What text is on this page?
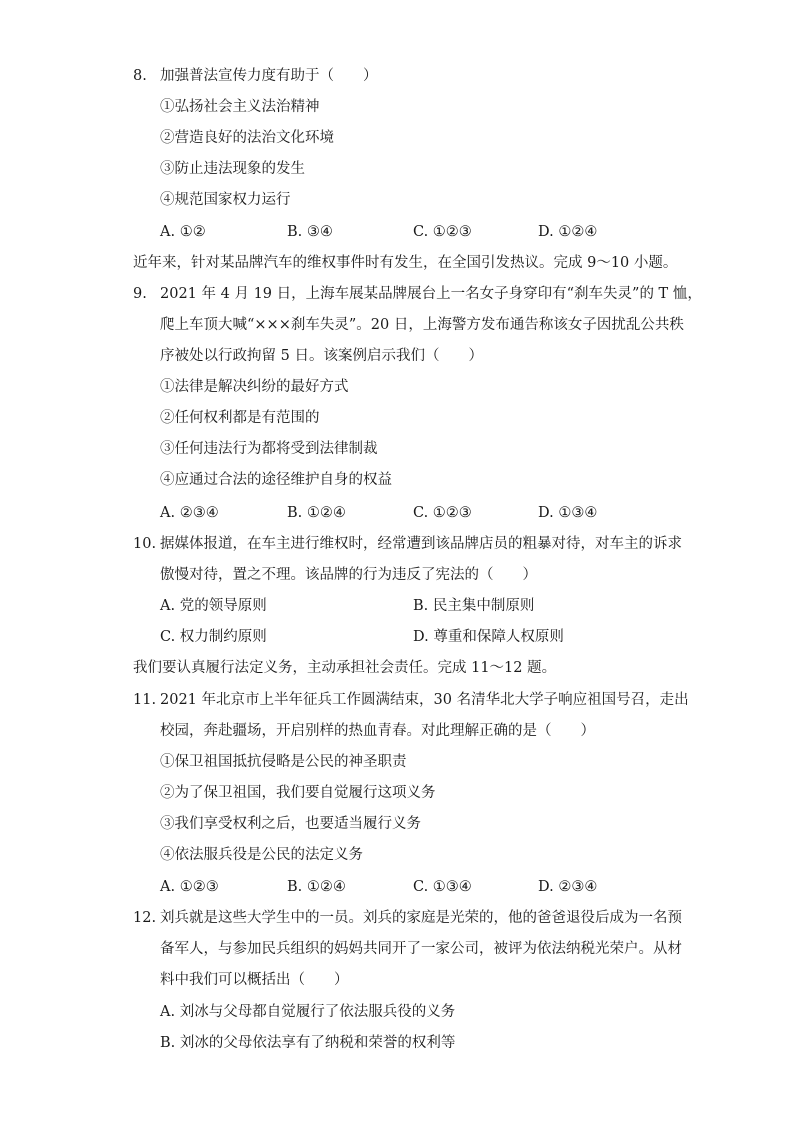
8. 加强普法宣传力度有助于（　　）
①弘扬社会主义法治精神
②营造良好的法治文化环境
③防止违法现象的发生
④规范国家权力运行
A. ①②	B. ③④	C. ①②③	D. ①②④
近年来，针对某品牌汽车的维权事件时有发生，在全国引发热议。完成 9～10 小题。
9. 2021 年 4 月 19 日，上海车展某品牌展台上一名女子身穿印有“刹车失灵”的 T 恤，
爬上车顶大喊“×××刹车失灵”。20 日，上海警方发布通告称该女子因扰乱公共秩
序被处以行政拘留 5 日。该案例启示我们（　　）
①法律是解决纠纷的最好方式
②任何权利都是有范围的
③任何违法行为都将受到法律制裁
④应通过合法的途径维护自身的权益
A. ②③④	B. ①②④	C. ①②③	D. ①③④
10. 据媒体报道，在车主进行维权时，经常遭到该品牌店员的粗暴对待，对车主的诉求
傲慢对待，置之不理。该品牌的行为违反了宪法的（　　）
A. 党的领导原则	B. 民主集中制原则
C. 权力制约原则	D. 尊重和保障人权原则
我们要认真履行法定义务，主动承担社会责任。完成 11～12 题。
11. 2021 年北京市上半年征兵工作圆满结束，30 名清华北大学子响应祖国号召，走出
校园，奔赴疆场，开启别样的热血青春。对此理解正确的是（　　）
①保卫祖国抵抗侵略是公民的神圣职责
②为了保卫祖国，我们要自觉履行这项义务
③我们享受权利之后，也要适当履行义务
④依法服兵役是公民的法定义务
A. ①②③	B. ①②④	C. ①③④	D. ②③④
12. 刘兵就是这些大学生中的一员。刘兵的家庭是光荣的，他的爸爸退役后成为一名预
备军人，与参加民兵组织的妈妈共同开了一家公司，被评为依法纳税光荣户。从材
料中我们可以概括出（　　）
A. 刘冰与父母都自觉履行了依法服兵役的义务
B. 刘冰的父母依法享有了纳税和荣誉的权利等
